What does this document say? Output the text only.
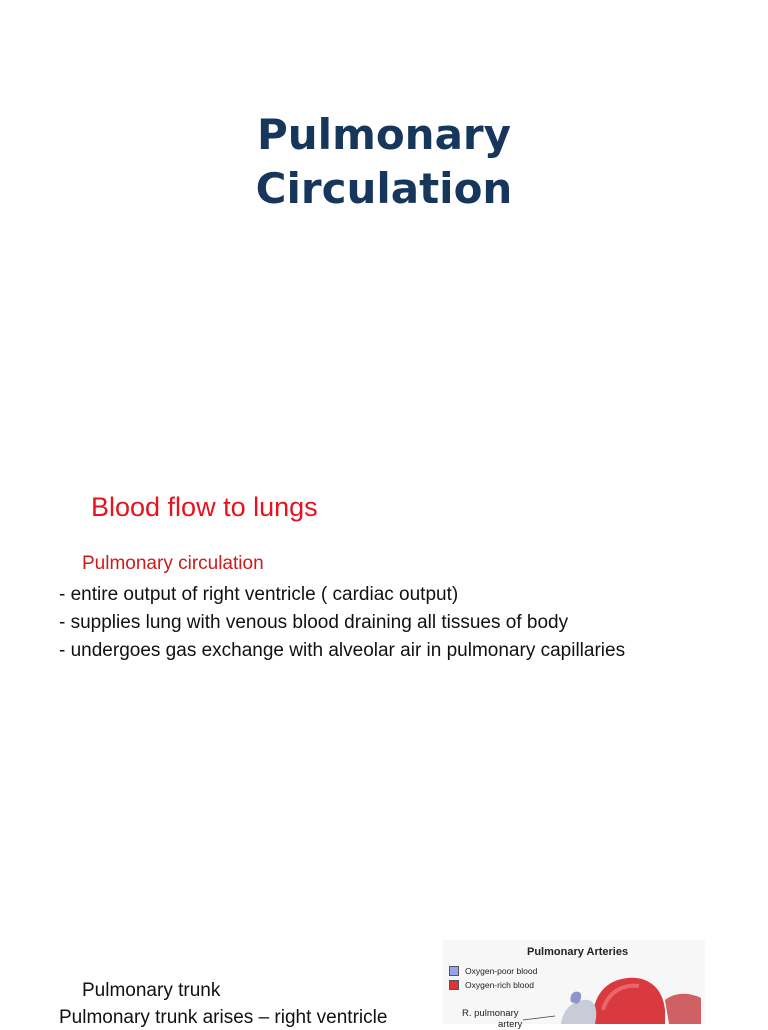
Pulmonary
Circulation
Blood flow to lungs
Pulmonary circulation
- entire output of right ventricle ( cardiac output)
- supplies lung with venous blood draining all tissues of body
- undergoes gas exchange with alveolar air in pulmonary capillaries
Pulmonary trunk
Pulmonary trunk arises – right ventricle
Pulmonary Arteries
Oxygen-poor blood
Oxygen-rich blood
R. pulmonary
artery
